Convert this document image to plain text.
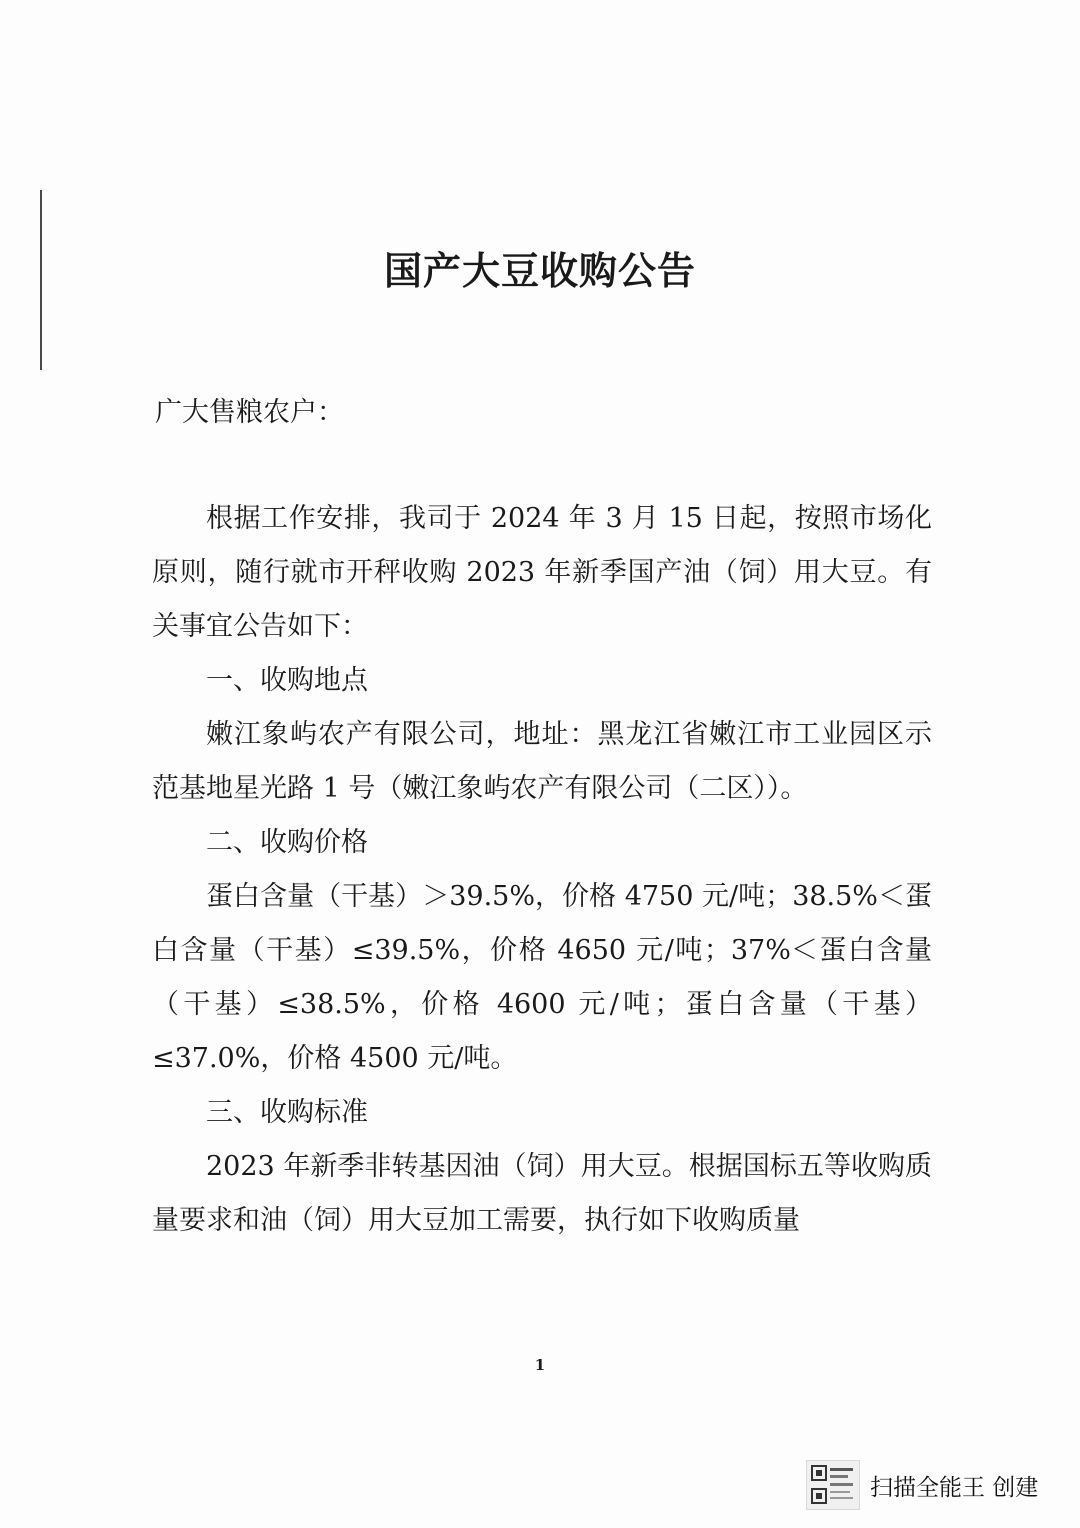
国产大豆收购公告
广大售粮农户：

根据工作安排，我司于 2024 年 3 月 15 日起，按照市场化原则，随行就市开秤收购 2023 年新季国产油（饲）用大豆。有关事宜公告如下：

一、收购地点

嫩江象屿农产有限公司，地址：黑龙江省嫩江市工业园区示范基地星光路 1 号（嫩江象屿农产有限公司（二区））。

二、收购价格

蛋白含量（干基）＞39.5%，价格 4750 元/吨；38.5%＜蛋白含量（干基）≤39.5%，价格 4650 元/吨；37%＜蛋白含量（干基）≤38.5%，价格 4600 元/吨；蛋白含量（干基）≤37.0%，价格 4500 元/吨。

三、收购标准

2023 年新季非转基因油（饲）用大豆。根据国标五等收购质量要求和油（饲）用大豆加工需要，执行如下收购质量

1
扫描全能王 创建
